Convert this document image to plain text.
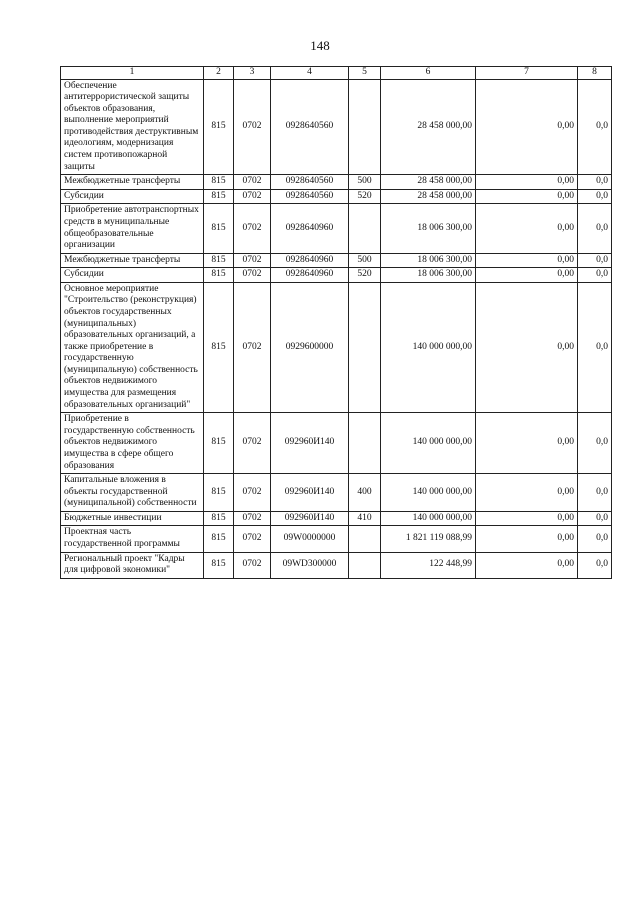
148
1	2	3	4	5	6	7	8
Обеспечение антитеррористической защиты объектов образования, выполнение мероприятий противодействия деструктивным идеологиям, модернизация систем противопожарной защиты	815	0702	0928640560		28 458 000,00	0,00	0,0
Межбюджетные трансферты	815	0702	0928640560	500	28 458 000,00	0,00	0,0
Субсидии	815	0702	0928640560	520	28 458 000,00	0,00	0,0
Приобретение автотранспортных средств в муниципальные общеобразовательные организации	815	0702	0928640960		18 006 300,00	0,00	0,0
Межбюджетные трансферты	815	0702	0928640960	500	18 006 300,00	0,00	0,0
Субсидии	815	0702	0928640960	520	18 006 300,00	0,00	0,0
Основное мероприятие "Строительство (реконструкция) объектов государственных (муниципальных) образовательных организаций, а также приобретение в государственную (муниципальную) собственность объектов недвижимого имущества для размещения образовательных организаций"	815	0702	0929600000		140 000 000,00	0,00	0,0
Приобретение в государственную собственность объектов недвижимого имущества в сфере общего образования	815	0702	092960И140		140 000 000,00	0,00	0,0
Капитальные вложения в объекты государственной (муниципальной) собственности	815	0702	092960И140	400	140 000 000,00	0,00	0,0
Бюджетные инвестиции	815	0702	092960И140	410	140 000 000,00	0,00	0,0
Проектная часть государственной программы	815	0702	09W0000000		1 821 119 088,99	0,00	0,0
Региональный проект "Кадры для цифровой экономики"	815	0702	09WD300000		122 448,99	0,00	0,0
